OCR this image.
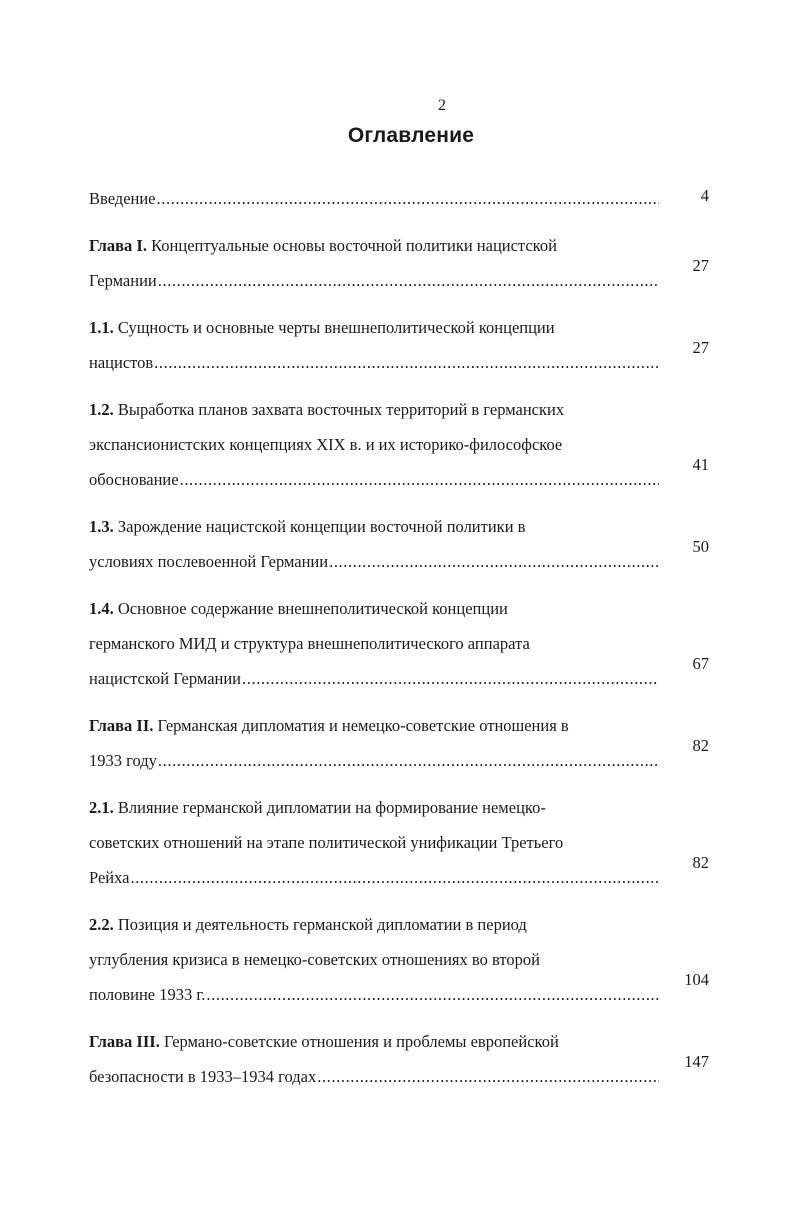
2
Оглавление
Введение
.....	4
Глава I. Концептуальные основы восточной политики нацистской
Германии
.....
27
1.1. Сущность и основные черты внешнеполитической концепции
нацистов
.....
27
1.2. Выработка планов захвата восточных территорий в германских
экспансионистских концепциях XIX в. и их историко-философское
обоснование
.....
41
1.3. Зарождение нацистской концепции восточной политики в
условиях послевоенной Германии
.....
50
1.4. Основное содержание внешнеполитической концепции
германского МИД и структура внешнеполитического аппарата
нацистской Германии
.....
67
Глава II. Германская дипломатия и немецко-советские отношения в
1933 году
.....
82
2.1. Влияние германской дипломатии на формирование немецко-
советских отношений на этапе политической унификации Третьего
Рейха
.....
82
2.2. Позиция и деятельность германской дипломатии в период
углубления кризиса в немецко-советских отношениях во второй
половине 1933 г.
.....
104
Глава III. Германо-советские отношения и проблемы европейской
безопасности в 1933–1934 годах
.....
147
